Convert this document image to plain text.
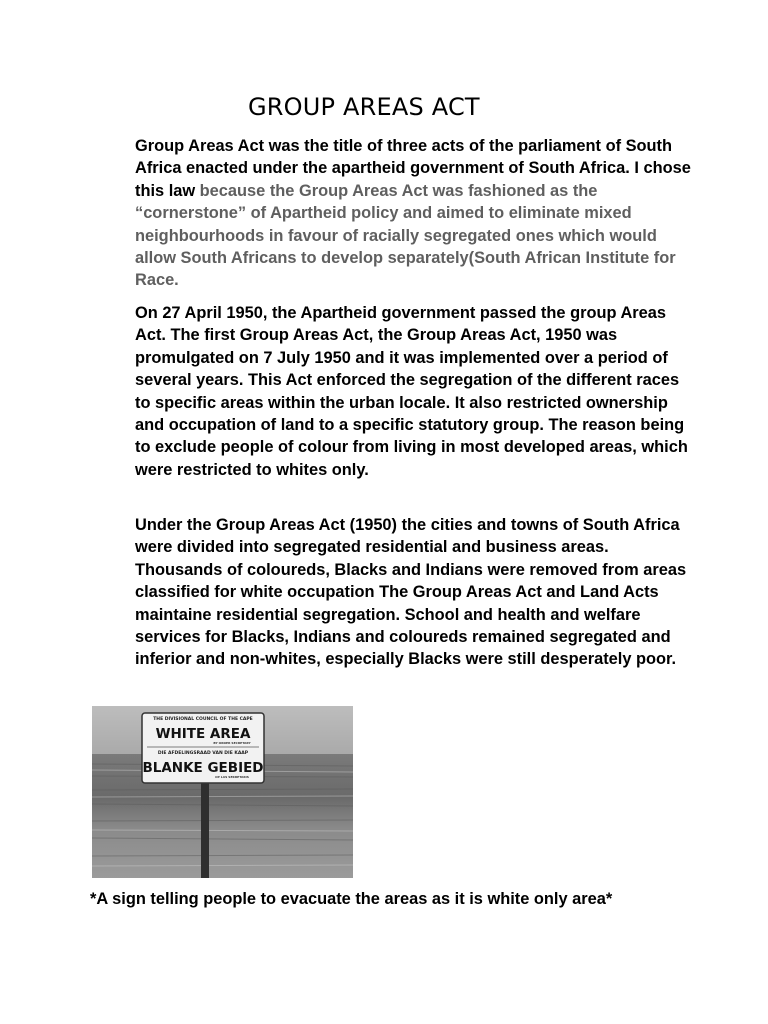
GROUP AREAS ACT

Group Areas Act was the title of three acts of the parliament of South Africa enacted under the apartheid government of South Africa. I chose this law because the Group Areas Act was fashioned as the “cornerstone” of Apartheid policy and aimed to eliminate mixed neighbourhoods in favour of racially segregated ones which would allow South Africans to develop separately(South African Institute for Race.

On 27 April 1950, the Apartheid government passed the group Areas Act. The first Group Areas Act, the Group Areas Act, 1950 was promulgated on 7 July 1950 and it was implemented over a period of several years. This Act enforced the segregation of the different races to specific areas within the urban locale. It also restricted ownership and occupation of land to a specific statutory group. The reason being to exclude people of colour from living in most developed areas, which were restricted to whites only.

Under the Group Areas Act (1950) the cities and towns of South Africa were divided into segregated residential and business areas. Thousands of coloureds, Blacks and Indians were removed from areas classified for white occupation The Group Areas Act and Land Acts maintaine residential segregation. School and health and welfare services for Blacks, Indians and coloureds remained segregated and inferior and non-whites, especially Blacks were still desperately poor.

THE DIVISIONAL COUNCIL OF THE CAPE
WHITE AREA
BY ORDER SECRETARY
DIE AFDELINGSRAAD VAN DIE KAAP
BLANKE GEBIED
OP LAS SEKRETARIS

*A sign telling people to evacuate the areas as it is white only area*
